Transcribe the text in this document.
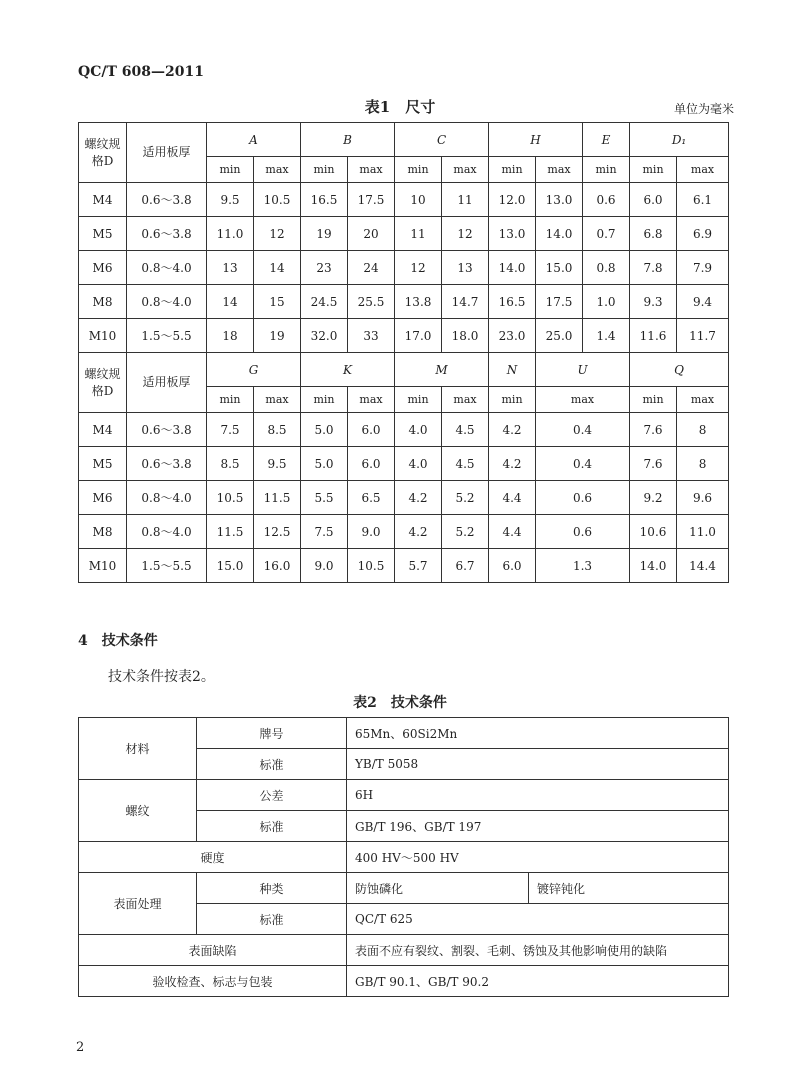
QC/T 608—2011
表1　尺寸	单位为毫米
螺纹规格D	适用板厚	A		B		C		H		E	D₁	
		min	max	min	max	min	max	min	max	min	min	max
M4	0.6～3.8	9.5	10.5	16.5	17.5	10	11	12.0	13.0	0.6	6.0	6.1
M5	0.6～3.8	11.0	12	19	20	11	12	13.0	14.0	0.7	6.8	6.9
M6	0.8～4.0	13	14	23	24	12	13	14.0	15.0	0.8	7.8	7.9
M8	0.8～4.0	14	15	24.5	25.5	13.8	14.7	16.5	17.5	1.0	9.3	9.4
M10	1.5～5.5	18	19	32.0	33	17.0	18.0	23.0	25.0	1.4	11.6	11.7
螺纹规格D	适用板厚	G		K		M		N	U		Q	
		min	max	min	max	min	max	min	max		min	max
M4	0.6～3.8	7.5	8.5	5.0	6.0	4.0	4.5	4.2	0.4		7.6	8
M5	0.6～3.8	8.5	9.5	5.0	6.0	4.0	4.5	4.2	0.4		7.6	8
M6	0.8～4.0	10.5	11.5	5.5	6.5	4.2	5.2	4.4	0.6		9.2	9.6
M8	0.8～4.0	11.5	12.5	7.5	9.0	4.2	5.2	4.4	0.6		10.6	11.0
M10	1.5～5.5	15.0	16.0	9.0	10.5	5.7	6.7	6.0	1.3		14.0	14.4
4　技术条件
技术条件按表2。
表2　技术条件
材料	牌号	65Mn、60Si2Mn	
	标准	YB/T 5058	
螺纹	公差	6H	
	标准	GB/T 196、GB/T 197	
硬度		400 HV～500 HV	
表面处理	种类	防蚀磷化	镀锌钝化
	标准	QC/T 625	
表面缺陷		表面不应有裂纹、割裂、毛刺、锈蚀及其他影响使用的缺陷	
验收检查、标志与包装		GB/T 90.1、GB/T 90.2	
2
